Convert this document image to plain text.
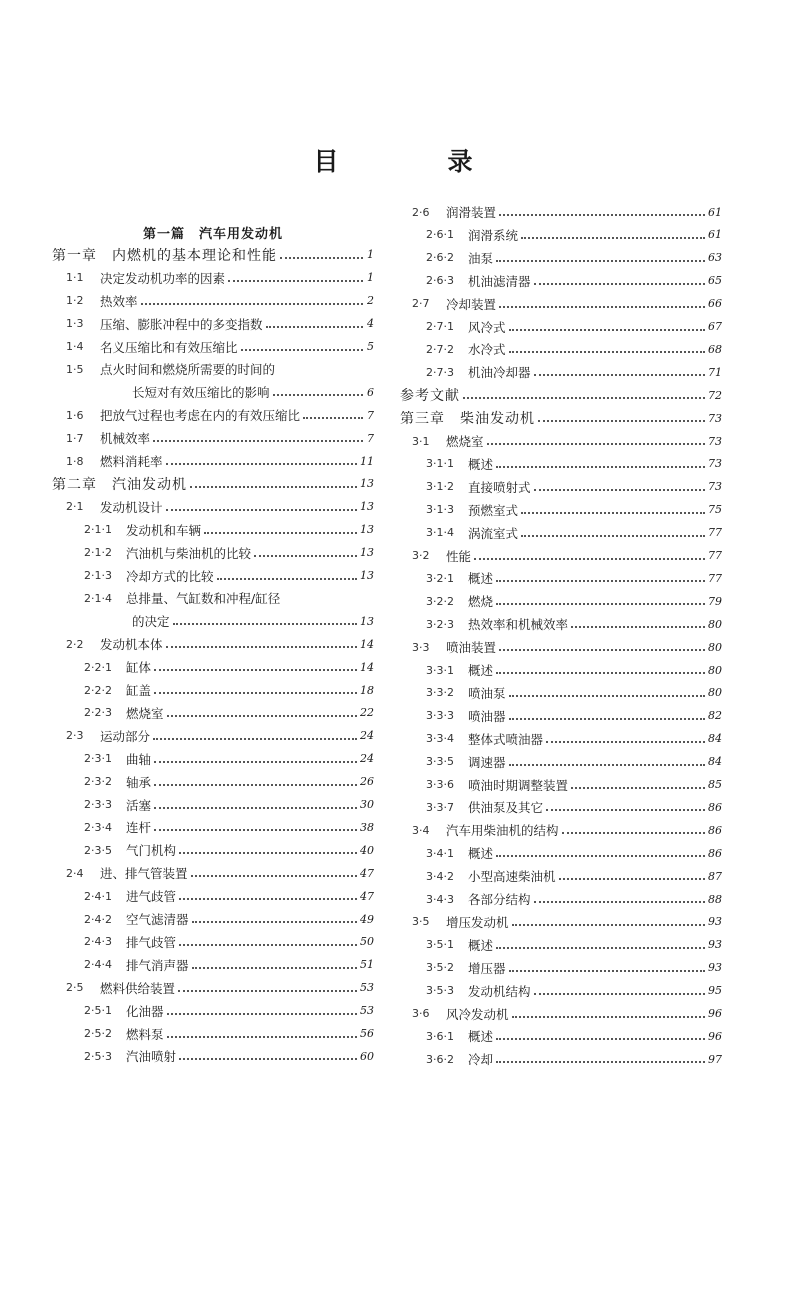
目　录
第一篇　汽车用发动机
第一章　内燃机的基本理论和性能	1
1·1	决定发动机功率的因素	1
1·2	热效率	2
1·3	压缩、膨胀冲程中的多变指数	4
1·4	名义压缩比和有效压缩比	5
1·5	点火时间和燃烧所需要的时间的
长短对有效压缩比的影响	6
1·6	把放气过程也考虑在内的有效压缩比	7
1·7	机械效率	7
1·8	燃料消耗率	11
第二章　汽油发动机	13
2·1	发动机设计	13
2·1·1	发动机和车辆	13
2·1·2	汽油机与柴油机的比较	13
2·1·3	冷却方式的比较	13
2·1·4	总排量、气缸数和冲程/缸径
的决定	13
2·2	发动机本体	14
2·2·1	缸体	14
2·2·2	缸盖	18
2·2·3	燃烧室	22
2·3	运动部分	24
2·3·1	曲轴	24
2·3·2	轴承	26
2·3·3	活塞	30
2·3·4	连杆	38
2·3·5	气门机构	40
2·4	进、排气管装置	47
2·4·1	进气歧管	47
2·4·2	空气滤清器	49
2·4·3	排气歧管	50
2·4·4	排气消声器	51
2·5	燃料供给装置	53
2·5·1	化油器	53
2·5·2	燃料泵	56
2·5·3	汽油喷射	60
2·6	润滑装置	61
2·6·1	润滑系统	61
2·6·2	油泵	63
2·6·3	机油滤清器	65
2·7	冷却装置	66
2·7·1	风冷式	67
2·7·2	水冷式	68
2·7·3	机油冷却器	71
参考文献	72
第三章　柴油发动机	73
3·1	燃烧室	73
3·1·1	概述	73
3·1·2	直接喷射式	73
3·1·3	预燃室式	75
3·1·4	涡流室式	77
3·2	性能	77
3·2·1	概述	77
3·2·2	燃烧	79
3·2·3	热效率和机械效率	80
3·3	喷油装置	80
3·3·1	概述	80
3·3·2	喷油泵	80
3·3·3	喷油器	82
3·3·4	整体式喷油器	84
3·3·5	调速器	84
3·3·6	喷油时期调整装置	85
3·3·7	供油泵及其它	86
3·4	汽车用柴油机的结构	86
3·4·1	概述	86
3·4·2	小型高速柴油机	87
3·4·3	各部分结构	88
3·5	增压发动机	93
3·5·1	概述	93
3·5·2	增压器	93
3·5·3	发动机结构	95
3·6	风冷发动机	96
3·6·1	概述	96
3·6·2	冷却	97
